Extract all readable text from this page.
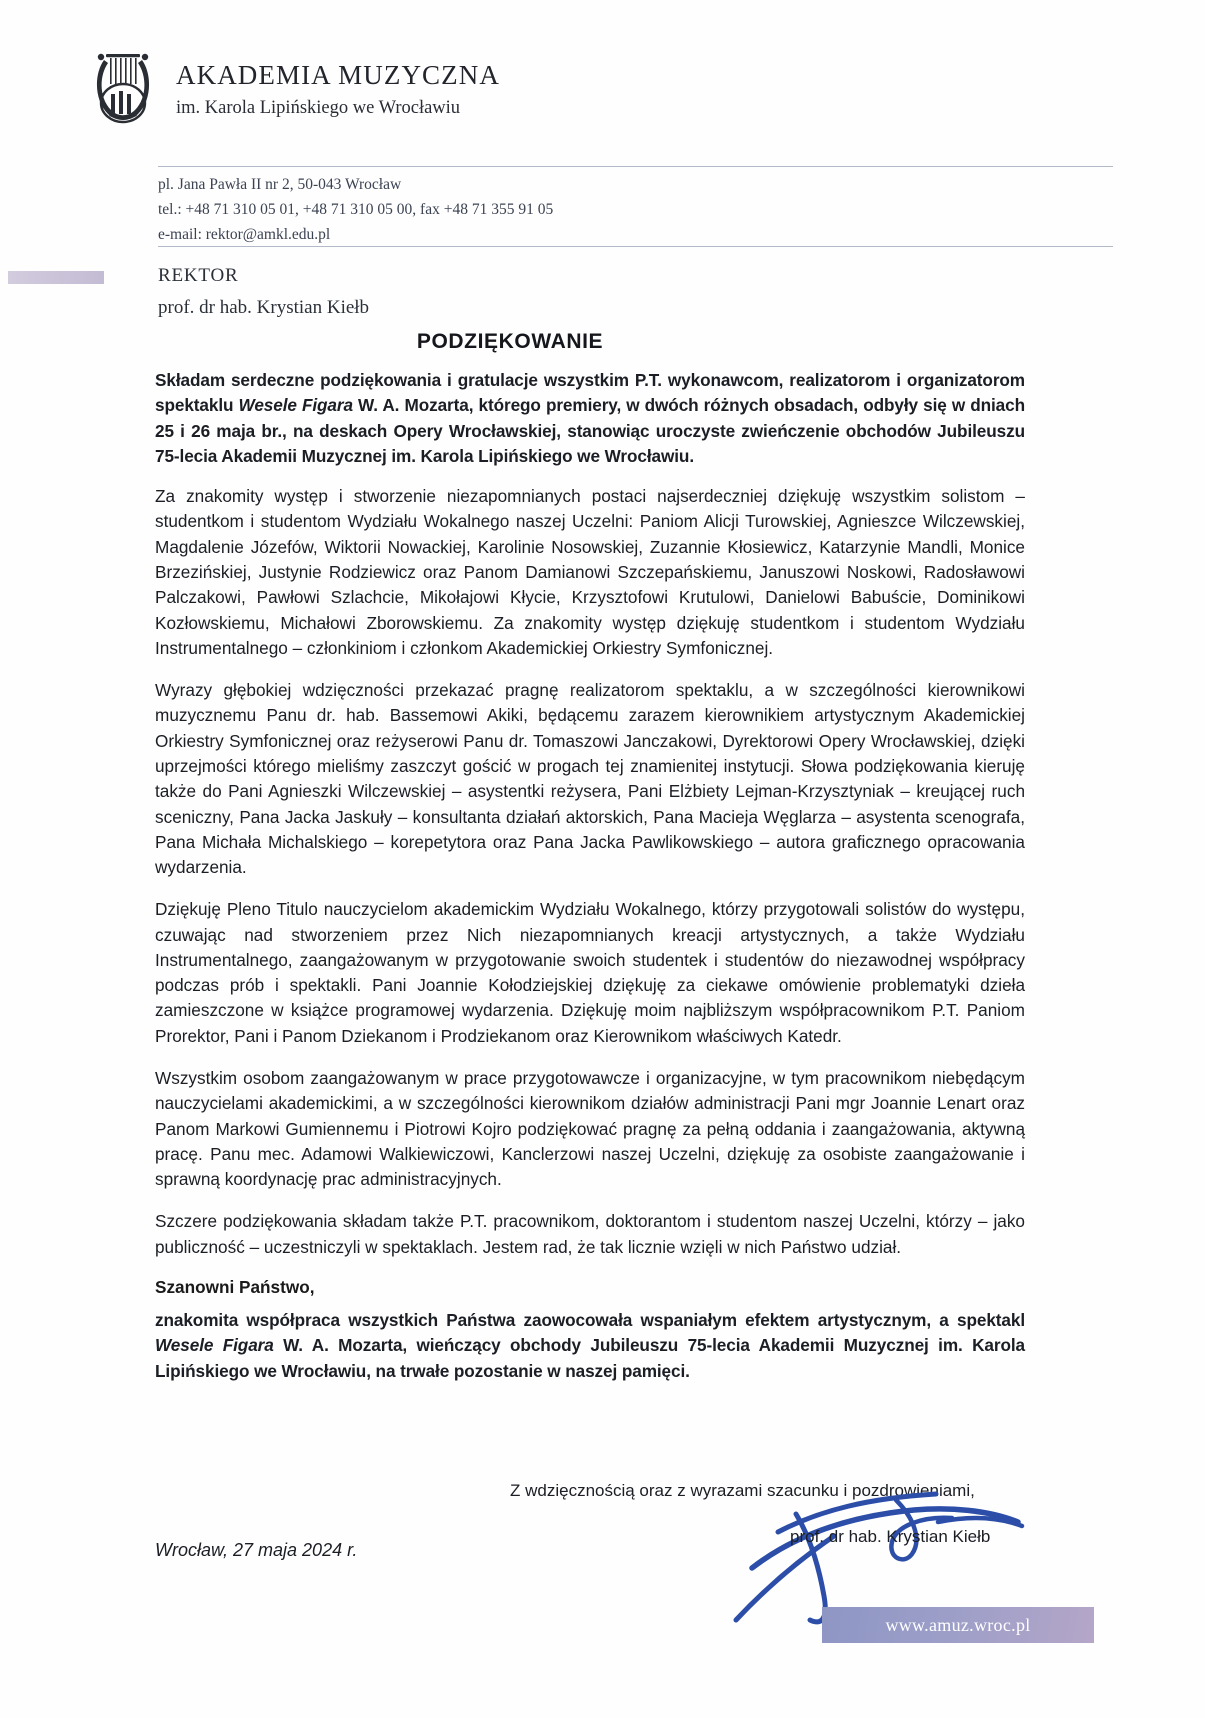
AKADEMIA MUZYCZNA
im. Karola Lipińskiego we Wrocławiu
pl. Jana Pawła II nr 2, 50-043 Wrocław
tel.: +48 71 310 05 01, +48 71 310 05 00, fax +48 71 355 91 05
e-mail: rektor@amkl.edu.pl
REKTOR
prof. dr hab. Krystian Kiełb
PODZIĘKOWANIE

Składam serdeczne podziękowania i gratulacje wszystkim P.T. wykonawcom, realizatorom i organizatorom spektaklu Wesele Figara W. A. Mozarta, którego premiery, w dwóch różnych obsadach, odbyły się w dniach 25 i 26 maja br., na deskach Opery Wrocławskiej, stanowiąc uroczyste zwieńczenie obchodów Jubileuszu 75-lecia Akademii Muzycznej im. Karola Lipińskiego we Wrocławiu.

Za znakomity występ i stworzenie niezapomnianych postaci najserdeczniej dziękuję wszystkim solistom – studentkom i studentom Wydziału Wokalnego naszej Uczelni: Paniom Alicji Turowskiej, Agnieszce Wilczewskiej, Magdalenie Józefów, Wiktorii Nowackiej, Karolinie Nosowskiej, Zuzannie Kłosiewicz, Katarzynie Mandli, Monice Brzezińskiej, Justynie Rodziewicz oraz Panom Damianowi Szczepańskiemu, Januszowi Noskowi, Radosławowi Palczakowi, Pawłowi Szlachcie, Mikołajowi Kłycie, Krzysztofowi Krutulowi, Danielowi Babuście, Dominikowi Kozłowskiemu, Michałowi Zborowskiemu. Za znakomity występ dziękuję studentkom i studentom Wydziału Instrumentalnego – członkiniom i członkom Akademickiej Orkiestry Symfonicznej.

Wyrazy głębokiej wdzięczności przekazać pragnę realizatorom spektaklu, a w szczególności kierownikowi muzycznemu Panu dr. hab. Bassemowi Akiki, będącemu zarazem kierownikiem artystycznym Akademickiej Orkiestry Symfonicznej oraz reżyserowi Panu dr. Tomaszowi Janczakowi, Dyrektorowi Opery Wrocławskiej, dzięki uprzejmości którego mieliśmy zaszczyt gościć w progach tej znamienitej instytucji. Słowa podziękowania kieruję także do Pani Agnieszki Wilczewskiej – asystentki reżysera, Pani Elżbiety Lejman-Krzysztyniak – kreującej ruch sceniczny, Pana Jacka Jaskuły – konsultanta działań aktorskich, Pana Macieja Węglarza – asystenta scenografa, Pana Michała Michalskiego – korepetytora oraz Pana Jacka Pawlikowskiego – autora graficznego opracowania wydarzenia.

Dziękuję Pleno Titulo nauczycielom akademickim Wydziału Wokalnego, którzy przygotowali solistów do występu, czuwając nad stworzeniem przez Nich niezapomnianych kreacji artystycznych, a także Wydziału Instrumentalnego, zaangażowanym w przygotowanie swoich studentek i studentów do niezawodnej współpracy podczas prób i spektakli. Pani Joannie Kołodziejskiej dziękuję za ciekawe omówienie problematyki dzieła zamieszczone w książce programowej wydarzenia. Dziękuję moim najbliższym współpracownikom P.T. Paniom Prorektor, Pani i Panom Dziekanom i Prodziekanom oraz Kierownikom właściwych Katedr.

Wszystkim osobom zaangażowanym w prace przygotowawcze i organizacyjne, w tym pracownikom niebędącym nauczycielami akademickimi, a w szczególności kierownikom działów administracji Pani mgr Joannie Lenart oraz Panom Markowi Gumiennemu i Piotrowi Kojro podziękować pragnę za pełną oddania i zaangażowania, aktywną pracę. Panu mec. Adamowi Walkiewiczowi, Kanclerzowi naszej Uczelni, dziękuję za osobiste zaangażowanie i sprawną koordynację prac administracyjnych.

Szczere podziękowania składam także P.T. pracownikom, doktorantom i studentom naszej Uczelni, którzy – jako publiczność – uczestniczyli w spektaklach. Jestem rad, że tak licznie wzięli w nich Państwo udział.

Szanowni Państwo,

znakomita współpraca wszystkich Państwa zaowocowała wspaniałym efektem artystycznym, a spektakl Wesele Figara W. A. Mozarta, wieńczący obchody Jubileuszu 75-lecia Akademii Muzycznej im. Karola Lipińskiego we Wrocławiu, na trwałe pozostanie w naszej pamięci.

Z wdzięcznością oraz z wyrazami szacunku i pozdrowieniami,
prof. dr hab. Krystian Kiełb
Wrocław, 27 maja 2024 r.
www.amuz.wroc.pl
